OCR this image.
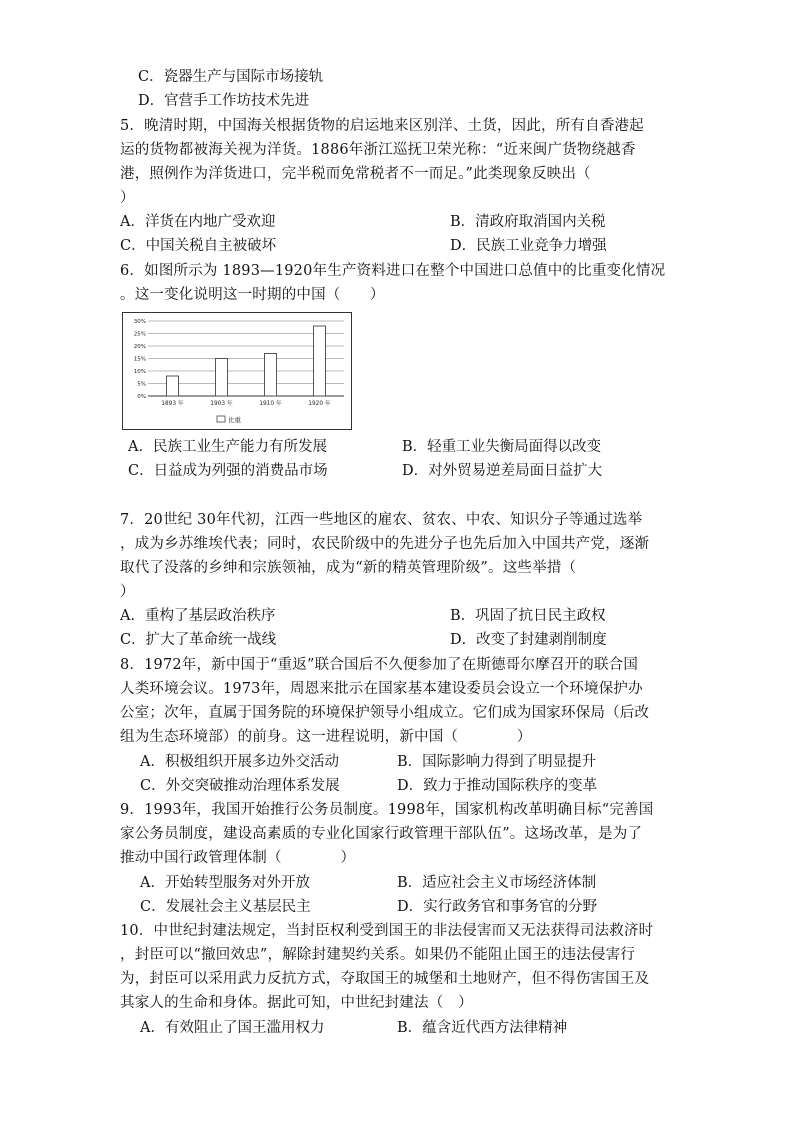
C．瓷器生产与国际市场接轨
D．官营手工作坊技术先进
5．晚清时期，中国海关根据货物的启运地来区别洋、土货，因此，所有自香港起
运的货物都被海关视为洋货。1886年浙江巡抚卫荣光称：“近来闽广货物绕越香
港，照例作为洋货进口，完半税而免常税者不一而足。”此类现象反映出（
）
A．洋货在内地广受欢迎	B．清政府取消国内关税
C．中国关税自主被破坏	D．民族工业竞争力增强
6．如图所示为 1893—1920年生产资料进口在整个中国进口总值中的比重变化情况
。这一变化说明这一时期的中国（　　）
0%
5%
10%
15%
20%
25%
30%
1893 年	1903 年	1910 年	1920 年
比重
A．民族工业生产能力有所发展	B．轻重工业失衡局面得以改变
C．日益成为列强的消费品市场	D．对外贸易逆差局面日益扩大
7．20世纪 30年代初，江西一些地区的雇农、贫农、中农、知识分子等通过选举
，成为乡苏维埃代表；同时，农民阶级中的先进分子也先后加入中国共产党，逐渐
取代了没落的乡绅和宗族领袖，成为“新的精英管理阶级”。这些举措（
）
A．重构了基层政治秩序	B．巩固了抗日民主政权
C．扩大了革命统一战线	D．改变了封建剥削制度
8．1972年，新中国于“重返”联合国后不久便参加了在斯德哥尔摩召开的联合国
人类环境会议。1973年，周恩来批示在国家基本建设委员会设立一个环境保护办
公室；次年，直属于国务院的环境保护领导小组成立。它们成为国家环保局（后改
组为生态环境部）的前身。这一进程说明，新中国（　　　　）
A．积极组织开展多边外交活动	B．国际影响力得到了明显提升
C．外交突破推动治理体系发展	D．致力于推动国际秩序的变革
9．1993年，我国开始推行公务员制度。1998年，国家机构改革明确目标“完善国
家公务员制度，建设高素质的专业化国家行政管理干部队伍”。这场改革，是为了
推动中国行政管理体制（　　　　）
A．开始转型服务对外开放	B．适应社会主义市场经济体制
C．发展社会主义基层民主	D．实行政务官和事务官的分野
10．中世纪封建法规定，当封臣权利受到国王的非法侵害而又无法获得司法救济时
，封臣可以“撤回效忠”，解除封建契约关系。如果仍不能阻止国王的违法侵害行
为，封臣可以采用武力反抗方式，夺取国王的城堡和土地财产，但不得伤害国王及
其家人的生命和身体。据此可知，中世纪封建法（　）
A．有效阻止了国王滥用权力	B．蕴含近代西方法律精神
